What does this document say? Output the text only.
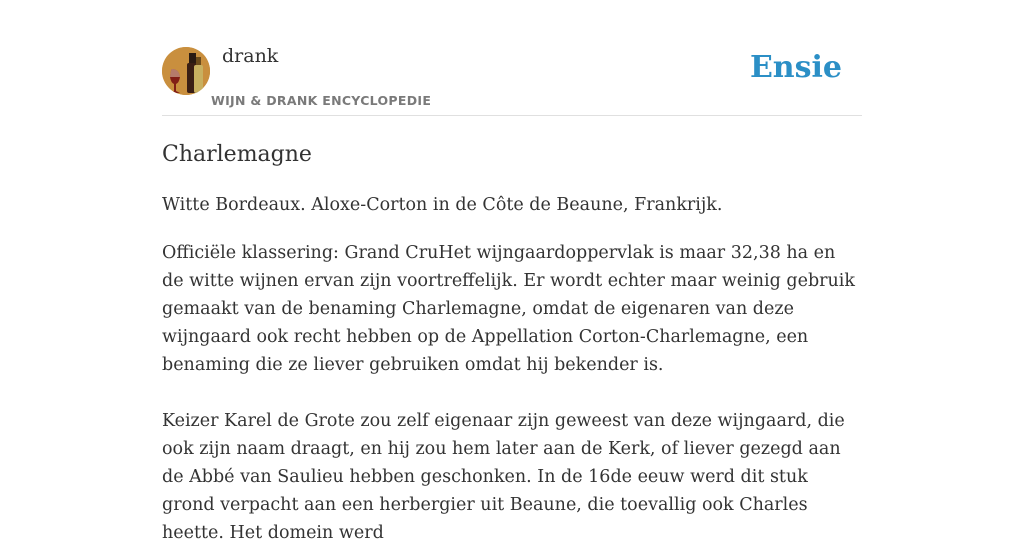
drank
WIJN & DRANK ENCYCLOPEDIE
Ensie
Charlemagne

Witte Bordeaux. Aloxe-Corton in de Côte de Beaune, Frankrijk.

Officiële klassering: Grand CruHet wijngaardoppervlak is maar 32,38 ha en de witte wijnen ervan zijn voortreffelijk. Er wordt echter maar weinig gebruik gemaakt van de benaming Charlemagne, omdat de eigenaren van deze wijngaard ook recht hebben op de Appellation Corton-Charlemagne, een benaming die ze liever gebruiken omdat hij bekender is.

Keizer Karel de Grote zou zelf eigenaar zijn geweest van deze wijngaard, die ook zijn naam draagt, en hij zou hem later aan de Kerk, of liever gezegd aan de Abbé van Saulieu hebben geschonken. In de 16de eeuw werd dit stuk grond verpacht aan een herbergier uit Beaune, die toevallig ook Charles heette. Het domein werd
